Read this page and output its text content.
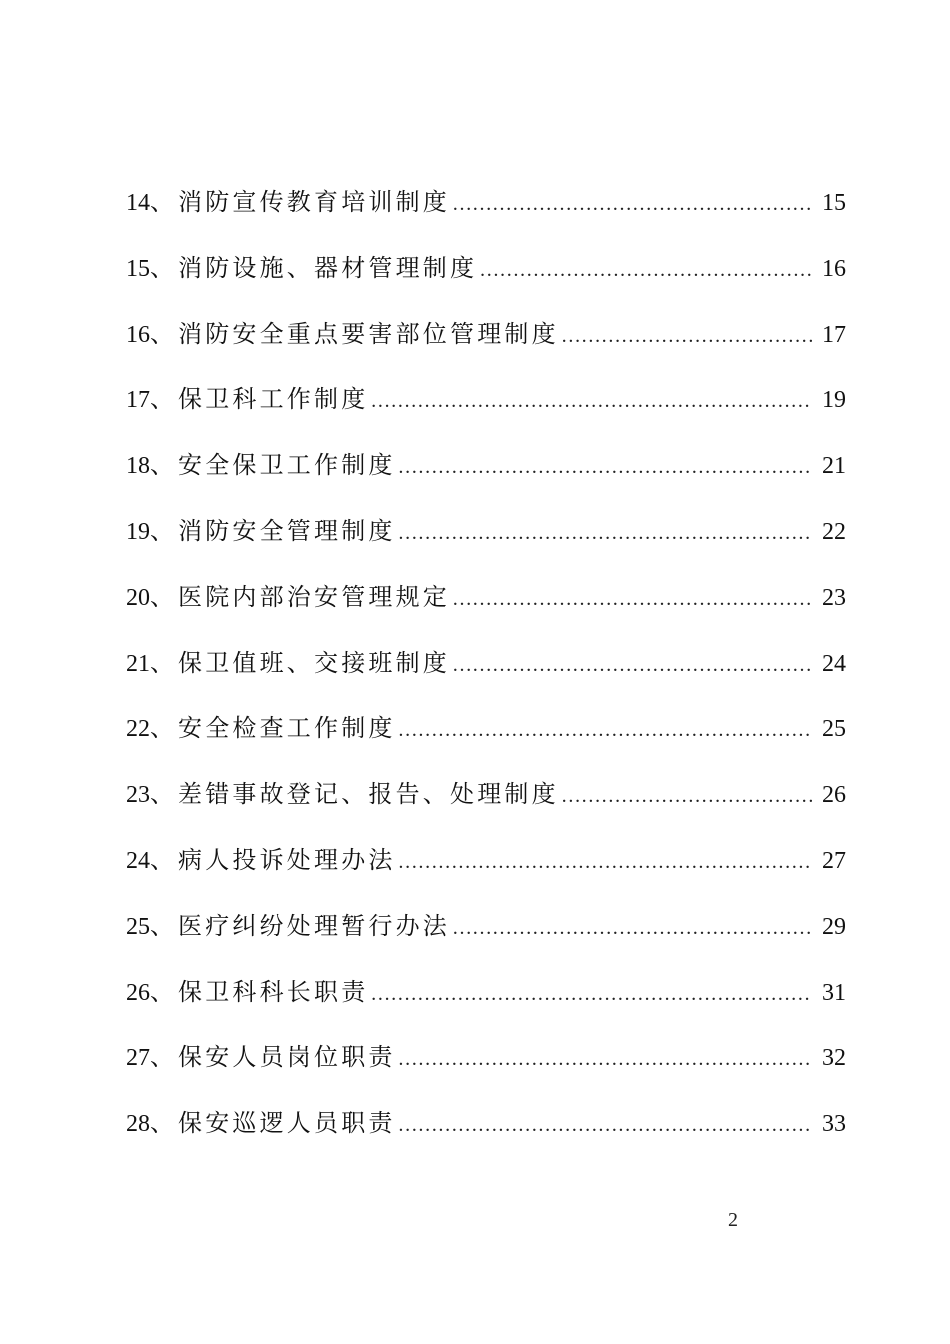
14 、 消防宣传教育培训制度 …………………………………………………………………………………………………………………………	15
15 、 消防设施、器材管理制度 …………………………………………………………………………………………………………………………	16
16 、 消防安全重点要害部位管理制度 …………………………………………………………………………………………………………………………	17
17 、 保卫科工作制度 …………………………………………………………………………………………………………………………	19
18 、 安全保卫工作制度 …………………………………………………………………………………………………………………………	21
19 、 消防安全管理制度 …………………………………………………………………………………………………………………………	22
20 、 医院内部治安管理规定 …………………………………………………………………………………………………………………………	23
21 、 保卫值班、交接班制度 …………………………………………………………………………………………………………………………	24
22 、 安全检查工作制度 …………………………………………………………………………………………………………………………	25
23 、 差错事故登记、报告、处理制度 …………………………………………………………………………………………………………………………	26
24 、 病人投诉处理办法 …………………………………………………………………………………………………………………………	27
25 、 医疗纠纷处理暂行办法 …………………………………………………………………………………………………………………………	29
26 、 保卫科科长职责 …………………………………………………………………………………………………………………………	31
27 、 保安人员岗位职责 …………………………………………………………………………………………………………………………	32
28 、 保安巡逻人员职责 …………………………………………………………………………………………………………………………	33
2
